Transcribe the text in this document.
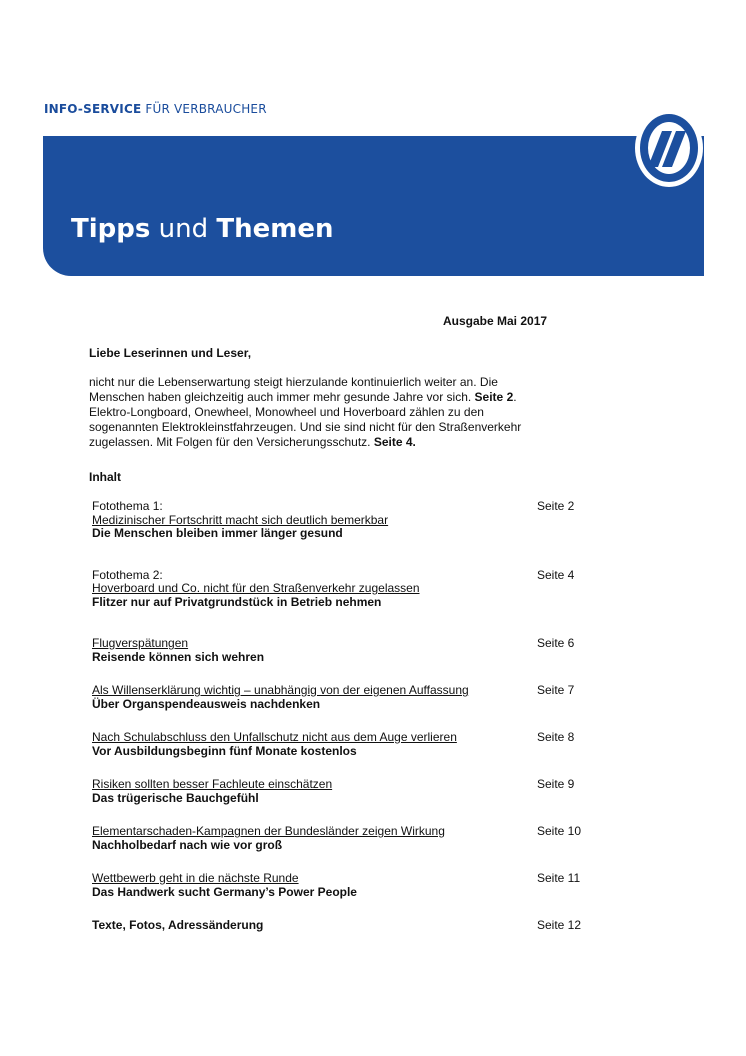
INFO-SERVICE FÜR VERBRAUCHER
Tipps und Themen
Ausgabe Mai 2017
Liebe Leserinnen und Leser,

nicht nur die Lebenserwartung steigt hierzulande kontinuierlich weiter an. Die

Menschen haben gleichzeitig auch immer mehr gesunde Jahre vor sich. Seite 2.

Elektro-Longboard, Onewheel, Monowheel und Hoverboard zählen zu den

sogenannten Elektrokleinstfahrzeugen. Und sie sind nicht für den Straßenverkehr

zugelassen. Mit Folgen für den Versicherungsschutz. Seite 4.

Inhalt
Fotothema 1:
Medizinischer Fortschritt macht sich deutlich bemerkbar
Die Menschen bleiben immer länger gesund
Seite 2
Fotothema 2:
Hoverboard und Co. nicht für den Straßenverkehr zugelassen
Flitzer nur auf Privatgrundstück in Betrieb nehmen
Seite 4
Flugverspätungen
Reisende können sich wehren
Seite 6
Als Willenserklärung wichtig – unabhängig von der eigenen Auffassung
Über Organspendeausweis nachdenken
Seite 7
Nach Schulabschluss den Unfallschutz nicht aus dem Auge verlieren
Vor Ausbildungsbeginn fünf Monate kostenlos
Seite 8
Risiken sollten besser Fachleute einschätzen
Das trügerische Bauchgefühl
Seite 9
Elementarschaden-Kampagnen der Bundesländer zeigen Wirkung
Nachholbedarf nach wie vor groß
Seite 10
Wettbewerb geht in die nächste Runde
Das Handwerk sucht Germany’s Power People
Seite 11
Texte, Fotos, Adressänderung	Seite 12
